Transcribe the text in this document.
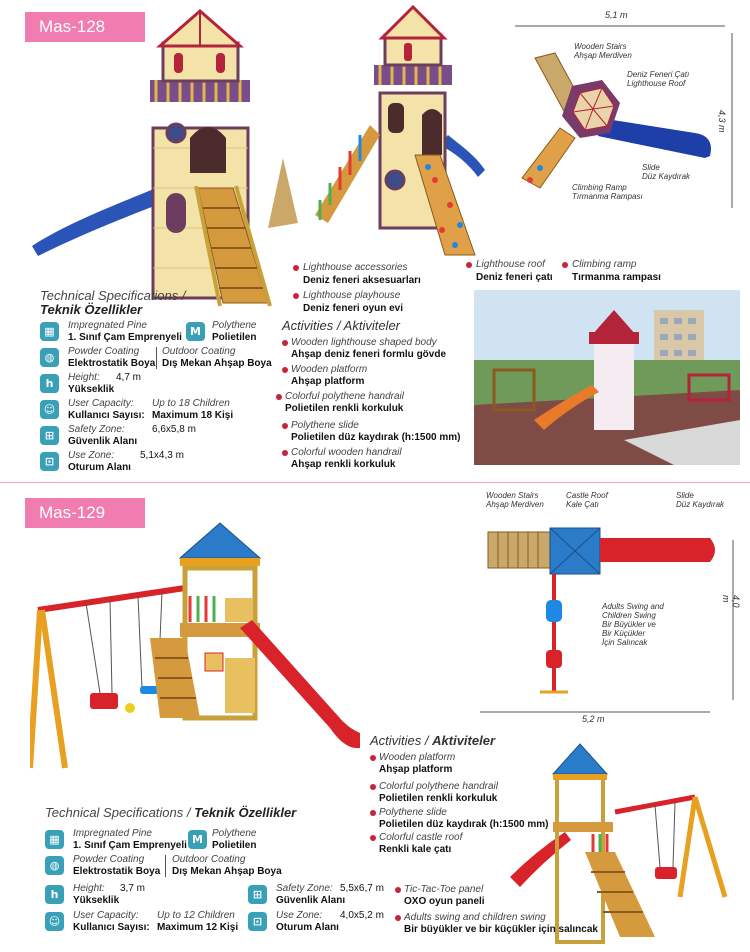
Mas-128
5,1 m
4,3 m
Wooden Stairs
Ahşap Merdiven
Deniz Feneri Çatı
Lighthouse Roof
Slide
Düz Kaydırak
Climbing Ramp
Tırmanma Rampası
Lighthouse accessories
Deniz feneri aksesuarları
Lighthouse playhouse
Deniz feneri oyun evi
Lighthouse roof
Deniz feneri çatı
Climbing ramp
Tırmanma rampası
Technical Specifications /
Teknik Özellikler
▦	Impregnated Pine
1. Sınıf Çam Emprenyeli M	Polythene
Polietilen
◍	Powder Coating
Elektrostatik Boya
Outdoor Coating
Dış Mekan Ahşap Boya
h	Height: 4,7 m
Yükseklik
☺	User Capacity:
Kullanıcı Sayısı:
Up to 18 Children
Maximum 18 Kişi
⊞	Safety Zone:	6,6x5,8 m
Güvenlik Alanı
⊡	Use Zone:	5,1x4,3 m
Oturum Alanı
Activities / Aktiviteler
Wooden lighthouse shaped body
Ahşap deniz feneri formlu gövde
Wooden platform
Ahşap platform
Colorful polythene handrail
Polietilen renkli korkuluk
Polythene slide
Polietilen düz kaydırak (h:1500 mm)
Colorful wooden handrail
Ahşap renkli korkuluk
Mas-129
Wooden Stairs
Ahşap Merdiven
Castle Roof
Kale Çatı
Slide
Düz Kaydırak
Adults Swing and
Children Swing
Bir Büyükler ve
Bir Küçükler
İçin Salıncak
5,2 m
4,0 m
Activities / Aktiviteler
Wooden platform
Ahşap platform
Colorful polythene handrail
Polietilen renkli korkuluk
Polythene slide
Polietilen düz kaydırak (h:1500 mm)
Colorful castle roof
Renkli kale çatı
Technical Specifications / Teknik Özellikler
▦	Impregnated Pine
1. Sınıf Çam Emprenyeli M Polythene
Polietilen
◍	Powder Coating
Elektrostatik Boya
Outdoor Coating
Dış Mekan Ahşap Boya
h	Height: 3,7 m
Yükseklik	⊞	Safety Zone: 5,5x6,7 m
Güvenlik Alanı
☺	User Capacity:
Kullanıcı Sayısı:
Up to 12 Children
Maximum 12 Kişi	⊡	Use Zone: 4,0x5,2 m
Oturum Alanı
Tic-Tac-Toe panel
OXO oyun paneli
Adults swing and children swing
Bir büyükler ve bir küçükler için salıncak
